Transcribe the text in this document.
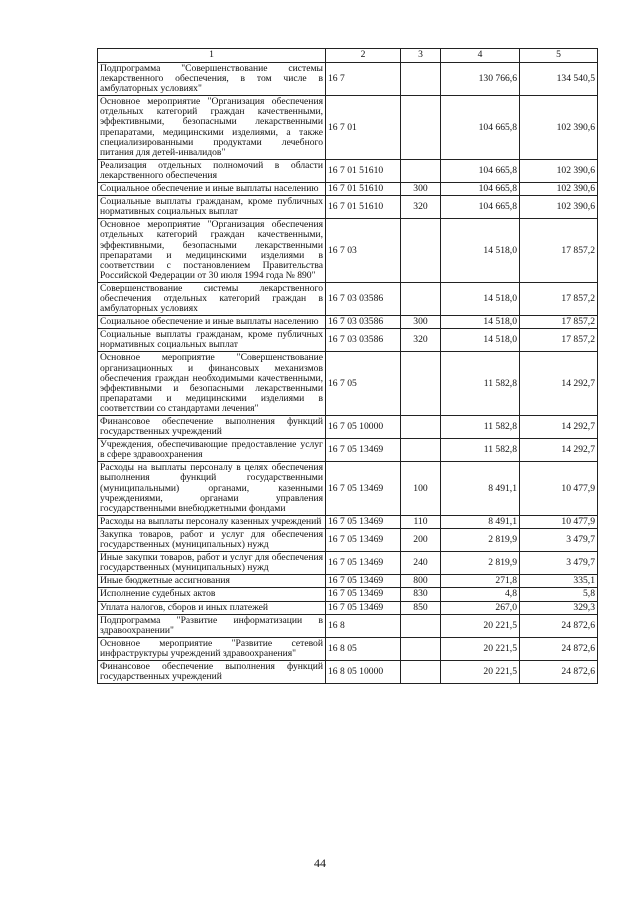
1	2	3	4	5
Подпрограмма "Совершенствование системы лекарственного обеспечения, в том числе в амбулаторных условиях"	16 7		130 766,6	134 540,5
Основное мероприятие "Организация обеспечения отдельных категорий граждан качественными, эффективными, безопасными лекарственными препаратами, медицинскими изделиями, а также специализированными продуктами лечебного питания для детей-инвалидов"	16 7 01		104 665,8	102 390,6
Реализация отдельных полномочий в области лекарственного обеспечения	16 7 01 51610		104 665,8	102 390,6
Социальное обеспечение и иные выплаты населению	16 7 01 51610	300	104 665,8	102 390,6
Социальные выплаты гражданам, кроме публичных нормативных социальных выплат	16 7 01 51610	320	104 665,8	102 390,6
Основное мероприятие "Организация обеспечения отдельных категорий граждан качественными, эффективными, безопасными лекарственными препаратами и медицинскими изделиями в соответствии с постановлением Правительства Российской Федерации от 30 июля 1994 года № 890"	16 7 03		14 518,0	17 857,2
Совершенствование системы лекарственного обеспечения отдельных категорий граждан в амбулаторных условиях	16 7 03 03586		14 518,0	17 857,2
Социальное обеспечение и иные выплаты населению	16 7 03 03586	300	14 518,0	17 857,2
Социальные выплаты гражданам, кроме публичных нормативных социальных выплат	16 7 03 03586	320	14 518,0	17 857,2
Основное мероприятие "Совершенствование организационных и финансовых механизмов обеспечения граждан необходимыми качественными, эффективными и безопасными лекарственными препаратами и медицинскими изделиями в соответствии со стандартами лечения"	16 7 05		11 582,8	14 292,7
Финансовое обеспечение выполнения функций государственных учреждений	16 7 05 10000		11 582,8	14 292,7
Учреждения, обеспечивающие предоставление услуг в сфере здравоохранения	16 7 05 13469		11 582,8	14 292,7
Расходы на выплаты персоналу в целях обеспечения выполнения функций государственными (муниципальными) органами, казенными учреждениями, органами управления государственными внебюджетными фондами	16 7 05 13469	100	8 491,1	10 477,9
Расходы на выплаты персоналу казенных учреждений	16 7 05 13469	110	8 491,1	10 477,9
Закупка товаров, работ и услуг для обеспечения государственных (муниципальных) нужд	16 7 05 13469	200	2 819,9	3 479,7
Иные закупки товаров, работ и услуг для обеспечения государственных (муниципальных) нужд	16 7 05 13469	240	2 819,9	3 479,7
Иные бюджетные ассигнования	16 7 05 13469	800	271,8	335,1
Исполнение судебных актов	16 7 05 13469	830	4,8	5,8
Уплата налогов, сборов и иных платежей	16 7 05 13469	850	267,0	329,3
Подпрограмма "Развитие информатизации в здравоохранении"	16 8		20 221,5	24 872,6
Основное мероприятие "Развитие сетевой инфраструктуры учреждений здравоохранения"	16 8 05		20 221,5	24 872,6
Финансовое обеспечение выполнения функций государственных учреждений	16 8 05 10000		20 221,5	24 872,6
44
